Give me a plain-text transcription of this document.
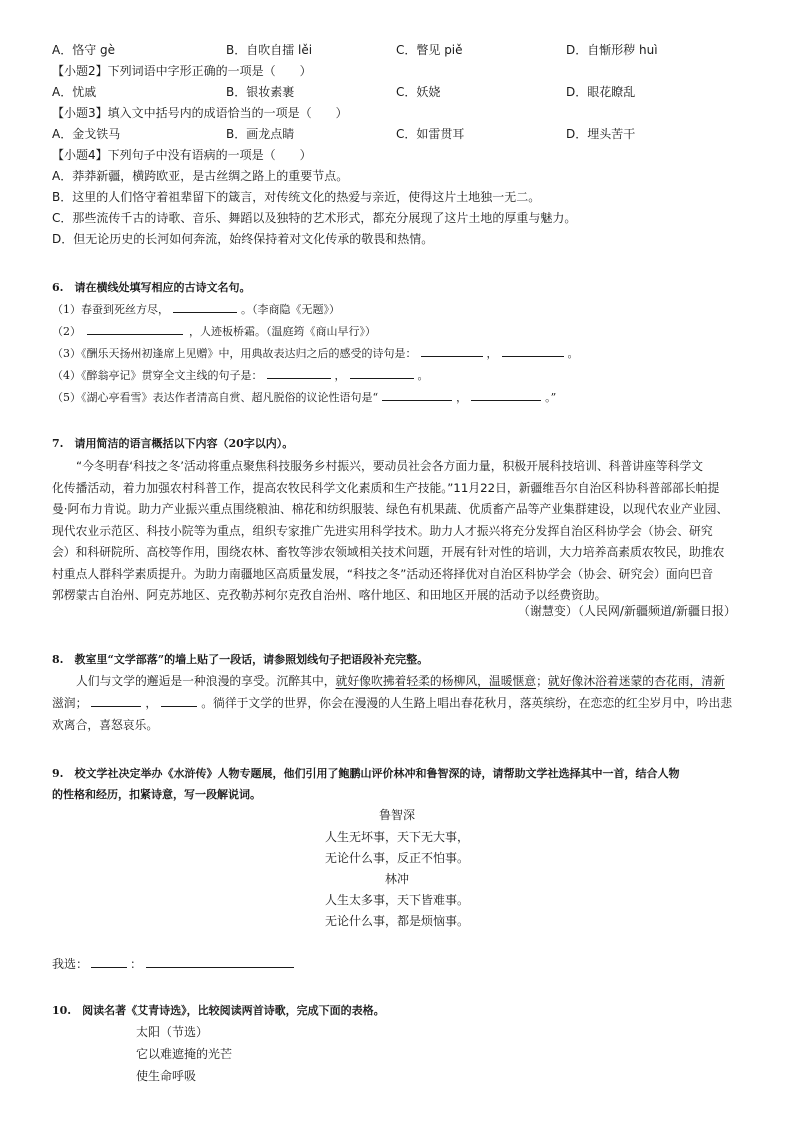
A．恪守 gè	B．自吹自擂 lěi	C．瞥见 piě	D．自惭形秽 huì
【小题2】下列词语中字形正确的一项是（　　）
A．忧戚	B．银妆素裹	C．妖娆	D．眼花瞭乱
【小题3】填入文中括号内的成语恰当的一项是（　　）
A．金戈铁马	B．画龙点睛	C．如雷贯耳	D．埋头苦干
【小题4】下列句子中没有语病的一项是（　　）
A．莽莽新疆，横跨欧亚，是古丝绸之路上的重要节点。
B．这里的人们恪守着祖辈留下的箴言，对传统文化的热爱与亲近，使得这片土地独一无二。
C．那些流传千古的诗歌、音乐、舞蹈以及独特的艺术形式，都充分展现了这片土地的厚重与魅力。
D．但无论历史的长河如何奔流，始终保持着对文化传承的敬畏和热情。
6.　请在横线处填写相应的古诗文名句。
（1）春蚕到死丝方尽，	。（李商隐《无题》）
（2）	，人迹板桥霜。（温庭筠《商山早行》）
（3）《酬乐天扬州初逢席上见赠》中，用典故表达归之后的感受的诗句是：	，	。
（4）《醉翁亭记》贯穿全文主线的句子是：	，	。
（5）《湖心亭看雪》表达作者清高自赏、超凡脱俗的议论性语句是“	，	。”
7.　请用简洁的语言概括以下内容（20字以内）。
“今冬明春‘科技之冬’活动将重点聚焦科技服务乡村振兴，要动员社会各方面力量，积极开展科技培训、科普讲座等科学文
化传播活动，着力加强农村科普工作，提高农牧民科学文化素质和生产技能。”11月22日，新疆维吾尔自治区科协科普部部长帕提
曼·阿布力肯说。助力产业振兴重点围绕粮油、棉花和纺织服装、绿色有机果蔬、优质畜产品等产业集群建设，以现代农业产业园、
现代农业示范区、科技小院等为重点，组织专家推广先进实用科学技术。助力人才振兴将充分发挥自治区科协学会（协会、研究
会）和科研院所、高校等作用，围绕农林、畜牧等涉农领域相关技术问题，开展有针对性的培训，大力培养高素质农牧民，助推农
村重点人群科学素质提升。为助力南疆地区高质量发展，“科技之冬”活动还将择优对自治区科协学会（协会、研究会）面向巴音
郭楞蒙古自治州、阿克苏地区、克孜勒苏柯尔克孜自治州、喀什地区、和田地区开展的活动予以经费资助。
（谢慧变）（人民网/新疆频道/新疆日报）
8.　教室里“文学部落”的墙上贴了一段话，请参照划线句子把语段补充完整。
人们与文学的邂逅是一种浪漫的享受。沉醉其中，就好像吹拂着轻柔的杨柳风，温暖惬意；就好像沐浴着迷蒙的杏花雨，清新
滋润；	，	。徜徉于文学的世界，你会在漫漫的人生路上唱出春花秋月，落英缤纷，在恋恋的红尘岁月中，吟出悲
欢离合，喜怒哀乐。
9.　校文学社决定举办《水浒传》人物专题展，他们引用了鲍鹏山评价林冲和鲁智深的诗，请帮助文学社选择其中一首，结合人物
的性格和经历，扣紧诗意，写一段解说词。
鲁智深
人生无坏事，天下无大事，
无论什么事，反正不怕事。
林冲
人生太多事，天下皆难事。
无论什么事，都是烦恼事。
我选：	：
10.　阅读名著《艾青诗选》，比较阅读两首诗歌，完成下面的表格。
太阳（节选）
它以难遮掩的光芒
使生命呼吸
